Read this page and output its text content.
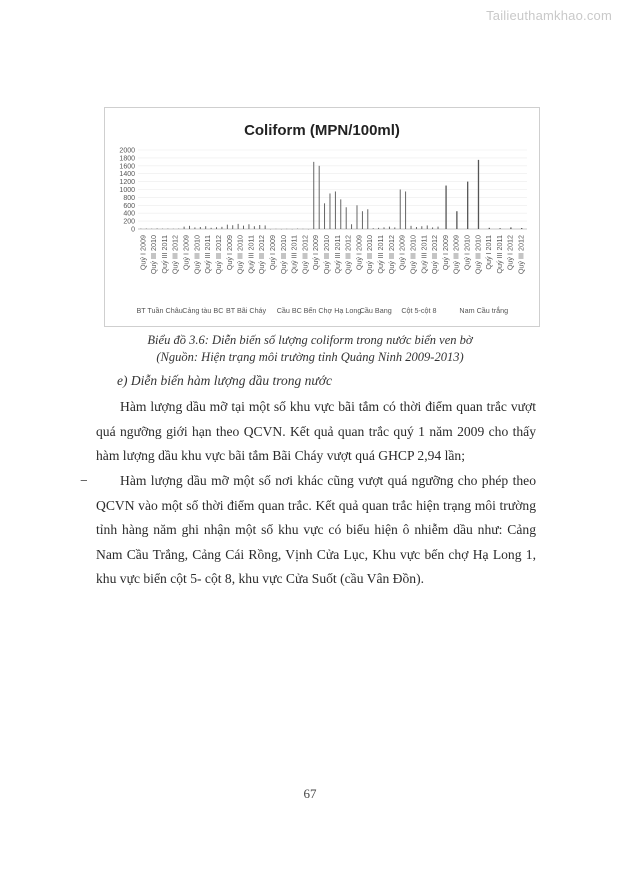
Tailieuthamkhao.com
Coliform (MPN/100ml)
0
200
400
600
800
1000
1200
1400
1600
1800
2000
Quý I 2009 Quý III 2010 Quý III 2011 Quý III 2012
BT Tuần Châu
Quý I 2009 Quý III 2010 Quý III 2011 Quý III 2012
Cảng tàu BC
Quý I 2009 Quý III 2010 Quý III 2011 Quý III 2012
BT Bãi Cháy
Quý I 2009 Quý III 2010 Quý III 2011 Quý III 2012
Cầu BC
Quý I 2009 Quý III 2010 Quý III 2011 Quý III 2012
Bến Chợ Hạ Long
Quý I 2009 Quý III 2010 Quý III 2011 Quý III 2012
Cầu Bang
Quý I 2009 Quý III 2010 Quý III 2011 Quý III 2012
Cột 5-cột 8
Quý I 2009 Quý III 2009 Quý I 2010 Quý III 2010 Quý I 2011 Quý III 2011 Quý I 2012 Quý III 2012
Nam Cầu trắng
Biểu đồ 3.6: Diễn biến số lượng coliform trong nước biển ven bờ
(Nguồn: Hiện trạng môi trường tỉnh Quảng Ninh 2009-2013)
e) Diễn biến hàm lượng dầu trong nước
Hàm lượng dầu mỡ tại một số khu vực bãi tắm có thời điểm quan trắc vượt quá ngưỡng giới hạn theo QCVN. Kết quả quan trắc quý 1 năm 2009 cho thấy hàm lượng dầu khu vực bãi tắm Bãi Cháy vượt quá GHCP 2,94 lần;
−	Hàm lượng dầu mỡ một số nơi khác cũng vượt quá ngưỡng cho phép theo QCVN vào một số thời điểm quan trắc. Kết quả quan trắc hiện trạng môi trường tỉnh hàng năm ghi nhận một số khu vực có biểu hiện ô nhiễm dầu như: Cảng Nam Cầu Trắng, Cảng Cái Rồng, Vịnh Cửa Lục, Khu vực bến chợ Hạ Long 1, khu vực biển cột 5- cột 8, khu vực Cửa Suốt (cầu Vân Đồn).
67
